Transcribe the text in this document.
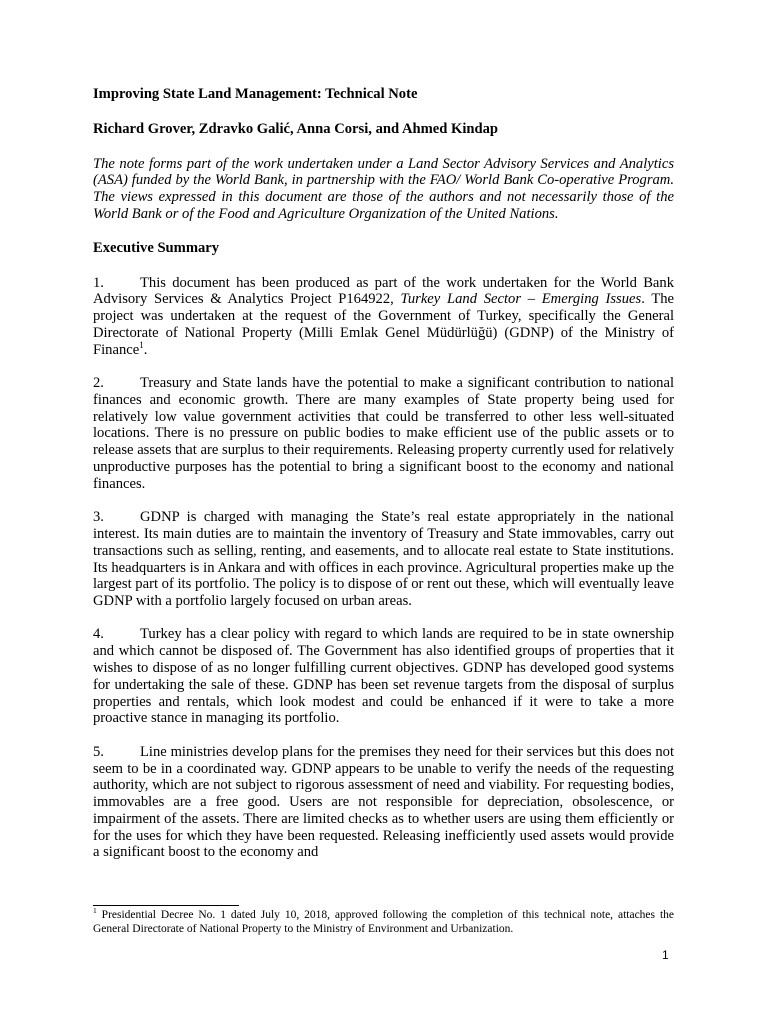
Improving State Land Management: Technical Note

Richard Grover, Zdravko Galić, Anna Corsi, and Ahmed Kindap

The note forms part of the work undertaken under a Land Sector Advisory Services and Analytics (ASA) funded by the World Bank, in partnership with the FAO/ World Bank Co-operative Program. The views expressed in this document are those of the authors and not necessarily those of the World Bank or of the Food and Agriculture Organization of the United Nations.

Executive Summary

1. This document has been produced as part of the work undertaken for the World Bank Advisory Services & Analytics Project P164922, Turkey Land Sector – Emerging Issues. The project was undertaken at the request of the Government of Turkey, specifically the General Directorate of National Property (Milli Emlak Genel Müdürlüğü) (GDNP) of the Ministry of Finance$^1$.

2. Treasury and State lands have the potential to make a significant contribution to national finances and economic growth. There are many examples of State property being used for relatively low value government activities that could be transferred to other less well-situated locations. There is no pressure on public bodies to make efficient use of the public assets or to release assets that are surplus to their requirements. Releasing property currently used for relatively unproductive purposes has the potential to bring a significant boost to the economy and national finances.

3. GDNP is charged with managing the State’s real estate appropriately in the national interest. Its main duties are to maintain the inventory of Treasury and State immovables, carry out transactions such as selling, renting, and easements, and to allocate real estate to State institutions. Its headquarters is in Ankara and with offices in each province. Agricultural properties make up the largest part of its portfolio. The policy is to dispose of or rent out these, which will eventually leave GDNP with a portfolio largely focused on urban areas.

4. Turkey has a clear policy with regard to which lands are required to be in state ownership and which cannot be disposed of. The Government has also identified groups of properties that it wishes to dispose of as no longer fulfilling current objectives. GDNP has developed good systems for undertaking the sale of these. GDNP has been set revenue targets from the disposal of surplus properties and rentals, which look modest and could be enhanced if it were to take a more proactive stance in managing its portfolio.

5. Line ministries develop plans for the premises they need for their services but this does not seem to be in a coordinated way. GDNP appears to be unable to verify the needs of the requesting authority, which are not subject to rigorous assessment of need and viability. For requesting bodies, immovables are a free good. Users are not responsible for depreciation, obsolescence, or impairment of the assets. There are limited checks as to whether users are using them efficiently or for the uses for which they have been requested. Releasing inefficiently used assets would provide a significant boost to the economy and

$^1$ Presidential Decree No. 1 dated July 10, 2018, approved following the completion of this technical note, attaches the General Directorate of National Property to the Ministry of Environment and Urbanization.
1
